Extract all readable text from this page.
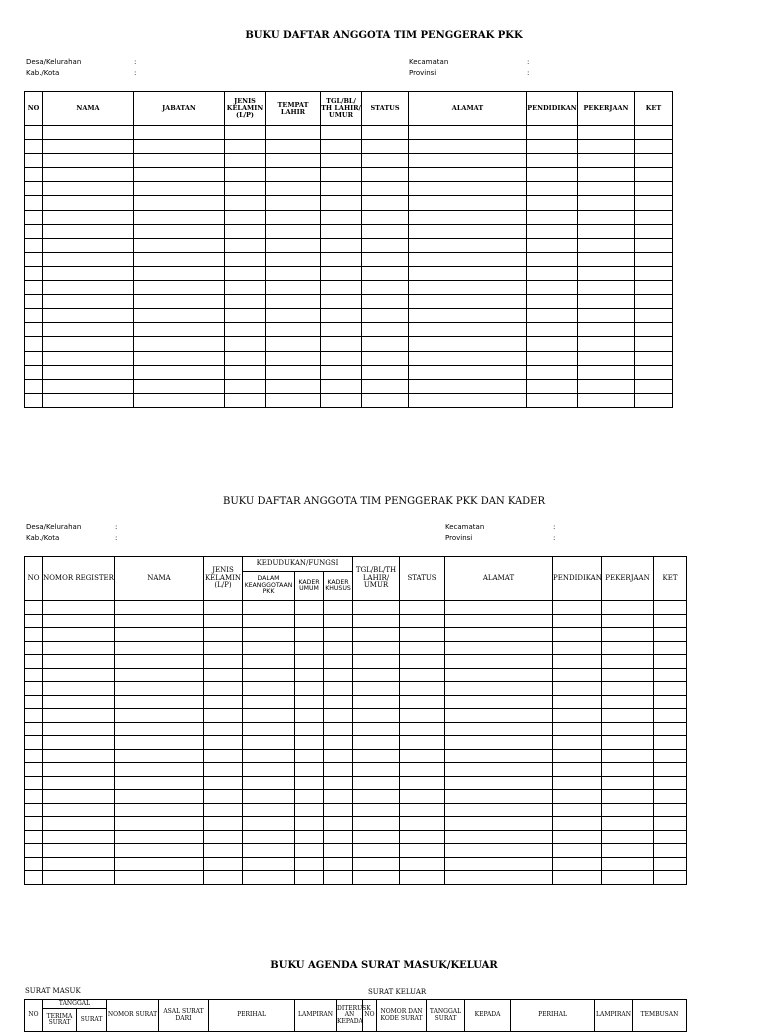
BUKU DAFTAR ANGGOTA TIM PENGGERAK PKK
Desa/Kelurahan	:
Kab./Kota	:
Kecamatan	:
Provinsi	:
NO	NAMA	JABATAN	JENIS KELAMIN (L/P)	TEMPAT LAHIR	TGL/BL/ TH LAHIR/ UMUR	STATUS	ALAMAT	PENDIDIKAN	PEKERJAAN	KET

BUKU DAFTAR ANGGOTA TIM PENGGERAK PKK DAN KADER
Desa/Kelurahan	:
Kab./Kota	:
Kecamatan	:
Provinsi	:
NO	NOMOR REGISTER	NAMA	JENIS KELAMIN (L/P)	KEDUDUKAN/FUNGSI			TGL/BL/TH LAHIR/ UMUR	STATUS	ALAMAT	PENDIDIKAN	PEKERJAAN	KET
				DALAM KEANGGOTAAN PKK	KADER UMUM	KADER KHUSUS						

BUKU AGENDA SURAT MASUK/KELUAR
SURAT MASUK	SURAT KELUAR
NO	TANGGAL		NOMOR SURAT	ASAL SURAT DARI	PERIHAL	LAMPIRAN	DITERUSK AN KEPADA	NO	NOMOR DAN KODE SURAT	TANGGAL SURAT	KEPADA	PERIHAL	LAMPIRAN	TEMBUSAN
	TERIMA SURAT	SURAT												
